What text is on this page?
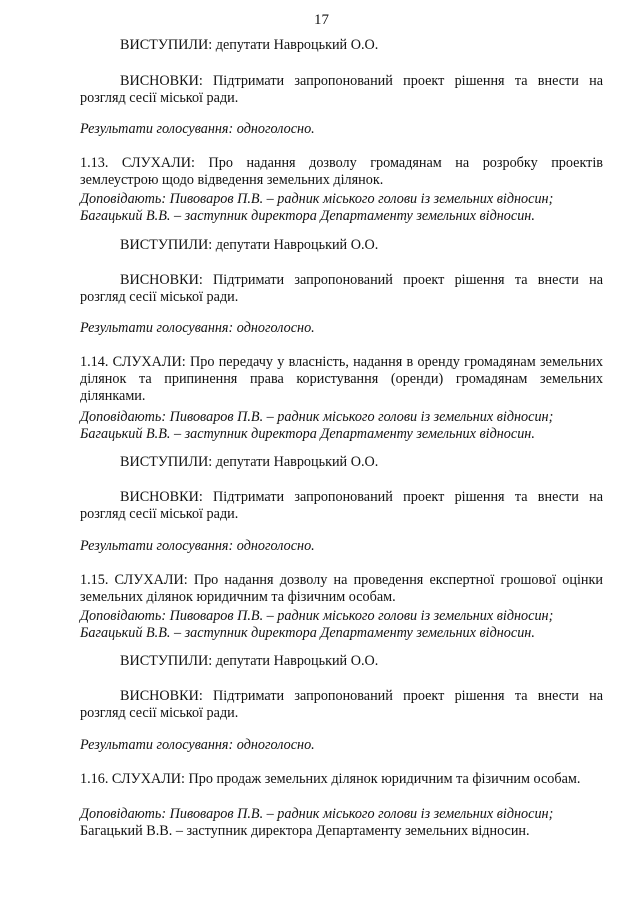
17
ВИСТУПИЛИ: депутати Навроцький О.О.
ВИСНОВКИ: Підтримати запропонований проект рішення та внести на розгляд сесії міської ради.
Результати голосування: одноголосно.
1.13. СЛУХАЛИ: Про надання дозволу громадянам на розробку проектів землеустрою щодо відведення земельних ділянок.
Доповідають: Пивоваров П.В. – радник міського голови із земельних відносин;
Багацький В.В. – заступник директора Департаменту земельних відносин.
ВИСТУПИЛИ: депутати Навроцький О.О.
ВИСНОВКИ: Підтримати запропонований проект рішення та внести на розгляд сесії міської ради.
Результати голосування: одноголосно.
1.14. СЛУХАЛИ: Про передачу у власність, надання в оренду громадянам земельних ділянок та припинення права користування (оренди) громадянам земельних ділянками.
Доповідають: Пивоваров П.В. – радник міського голови із земельних відносин;
Багацький В.В. – заступник директора Департаменту земельних відносин.
ВИСТУПИЛИ: депутати Навроцький О.О.
ВИСНОВКИ: Підтримати запропонований проект рішення та внести на розгляд сесії міської ради.
Результати голосування: одноголосно.
1.15. СЛУХАЛИ: Про надання дозволу на проведення експертної грошової оцінки земельних ділянок юридичним та фізичним особам.
Доповідають: Пивоваров П.В. – радник міського голови із земельних відносин;
Багацький В.В. – заступник директора Департаменту земельних відносин.
ВИСТУПИЛИ: депутати Навроцький О.О.
ВИСНОВКИ: Підтримати запропонований проект рішення та внести на розгляд сесії міської ради.
Результати голосування: одноголосно.
1.16. СЛУХАЛИ: Про продаж земельних ділянок юридичним та фізичним особам.
Доповідають: Пивоваров П.В. – радник міського голови із земельних відносин;
Багацький В.В. – заступник директора Департаменту земельних відносин.
